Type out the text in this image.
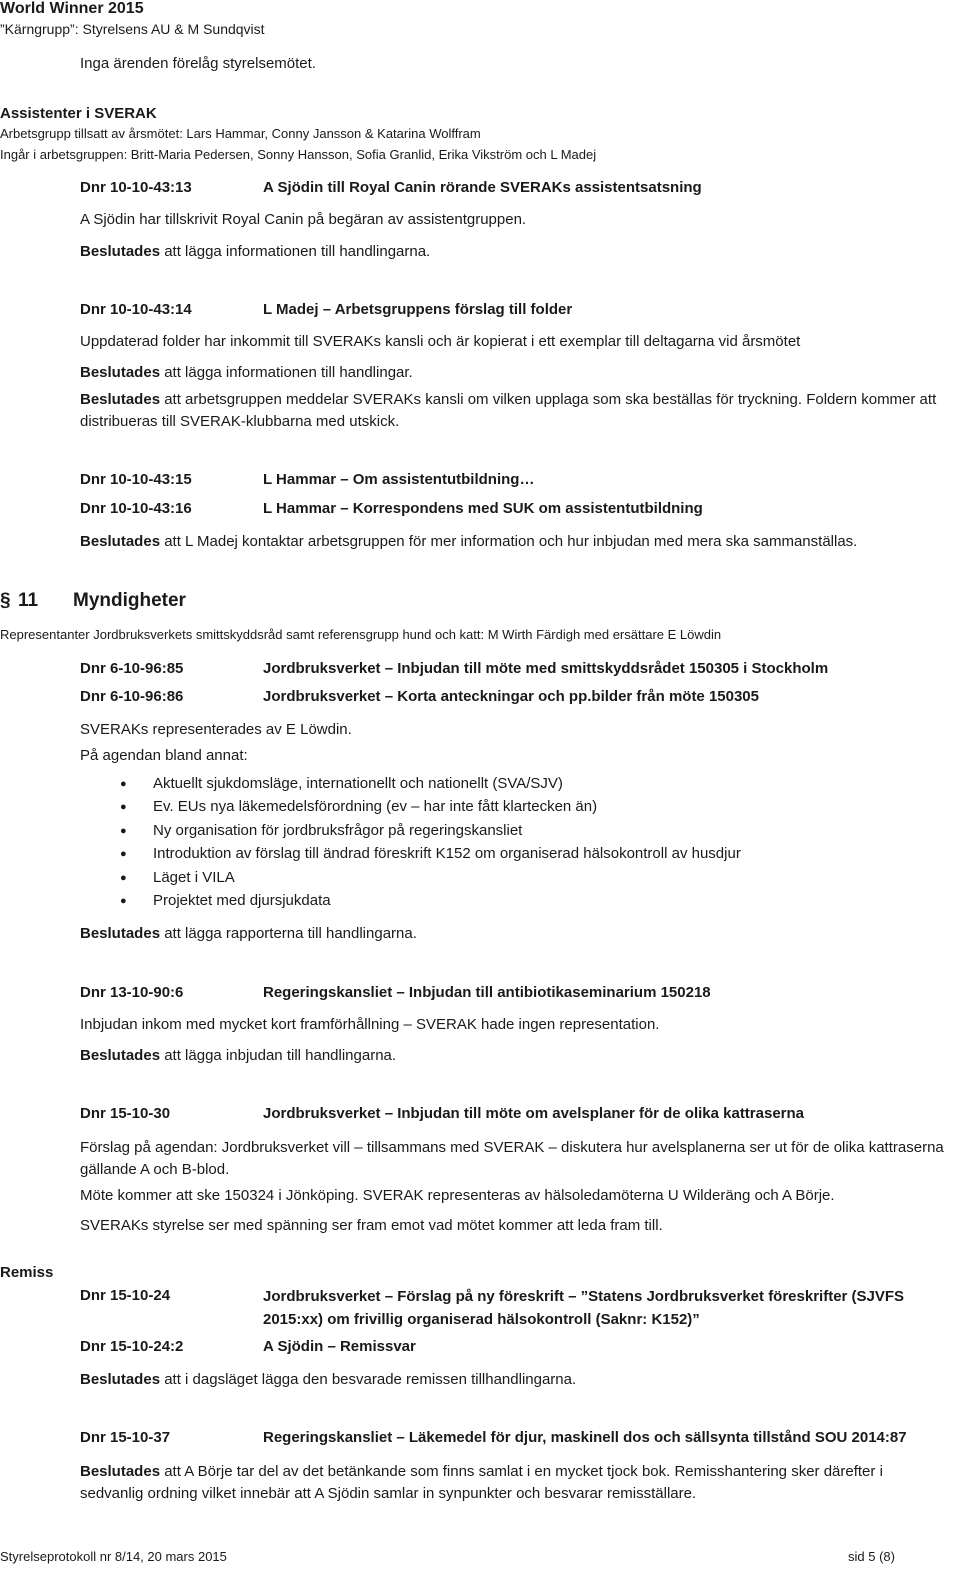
World Winner 2015
”Kärngrupp”: Styrelsens AU & M Sundqvist
Inga ärenden förelåg styrelsemötet.
Assistenter i SVERAK
Arbetsgrupp tillsatt av årsmötet: Lars Hammar, Conny Jansson & Katarina Wolffram
Ingår i arbetsgruppen: Britt-Maria Pedersen, Sonny Hansson, Sofia Granlid, Erika Vikström och L Madej
Dnr 10-10-43:13	A Sjödin till Royal Canin rörande SVERAKs assistentsatsning
A Sjödin har tillskrivit Royal Canin på begäran av assistentgruppen.
Beslutades att lägga informationen till handlingarna.
Dnr 10-10-43:14	L Madej – Arbetsgruppens förslag till folder
Uppdaterad folder har inkommit till SVERAKs kansli och är kopierat i ett exemplar till deltagarna vid årsmötet
Beslutades att lägga informationen till handlingar.
Beslutades att arbetsgruppen meddelar SVERAKs kansli om vilken upplaga som ska beställas för tryckning. Foldern kommer att distribueras till SVERAK-klubbarna med utskick.
Dnr 10-10-43:15	L Hammar – Om assistentutbildning…
Dnr 10-10-43:16	L Hammar – Korrespondens med SUK om assistentutbildning
Beslutades att L Madej kontaktar arbetsgruppen för mer information och hur inbjudan med mera ska sammanställas.
§ 11 Myndigheter
Representanter Jordbruksverkets smittskyddsråd samt referensgrupp hund och katt: M Wirth Färdigh med ersättare E Löwdin
Dnr 6-10-96:85	Jordbruksverket – Inbjudan till möte med smittskyddsrådet 150305 i Stockholm
Dnr 6-10-96:86	Jordbruksverket – Korta anteckningar och pp.bilder från möte 150305
SVERAKs representerades av E Löwdin.
På agendan bland annat:
● Aktuellt sjukdomsläge, internationellt och nationellt (SVA/SJV)
● Ev. EUs nya läkemedelsförordning (ev – har inte fått klartecken än)
● Ny organisation för jordbruksfrågor på regeringskansliet
● Introduktion av förslag till ändrad föreskrift K152 om organiserad hälsokontroll av husdjur
● Läget i VILA
● Projektet med djursjukdata
Beslutades att lägga rapporterna till handlingarna.
Dnr 13-10-90:6	Regeringskansliet – Inbjudan till antibiotikaseminarium 150218
Inbjudan inkom med mycket kort framförhållning – SVERAK hade ingen representation.
Beslutades att lägga inbjudan till handlingarna.
Dnr 15-10-30	Jordbruksverket – Inbjudan till möte om avelsplaner för de olika kattraserna
Förslag på agendan: Jordbruksverket vill – tillsammans med SVERAK – diskutera hur avelsplanerna ser ut för de olika kattraserna gällande A och B-blod.
Möte kommer att ske 150324 i Jönköping. SVERAK representeras av hälsoledamöterna U Wilderäng och A Börje.
SVERAKs styrelse ser med spänning ser fram emot vad mötet kommer att leda fram till.
Remiss
Dnr 15-10-24	Jordbruksverket – Förslag på ny föreskrift – ”Statens Jordbruksverket föreskrifter (SJVFS 2015:xx) om frivillig organiserad hälsokontroll (Saknr: K152)”
Dnr 15-10-24:2	A Sjödin – Remissvar
Beslutades att i dagsläget lägga den besvarade remissen tillhandlingarna.
Dnr 15-10-37	Regeringskansliet – Läkemedel för djur, maskinell dos och sällsynta tillstånd SOU 2014:87
Beslutades att A Börje tar del av det betänkande som finns samlat i en mycket tjock bok. Remisshantering sker därefter i sedvanlig ordning vilket innebär att A Sjödin samlar in synpunkter och besvarar remisställare.
Styrelseprotokoll nr 8/14, 20 mars 2015	sid 5 (8)
